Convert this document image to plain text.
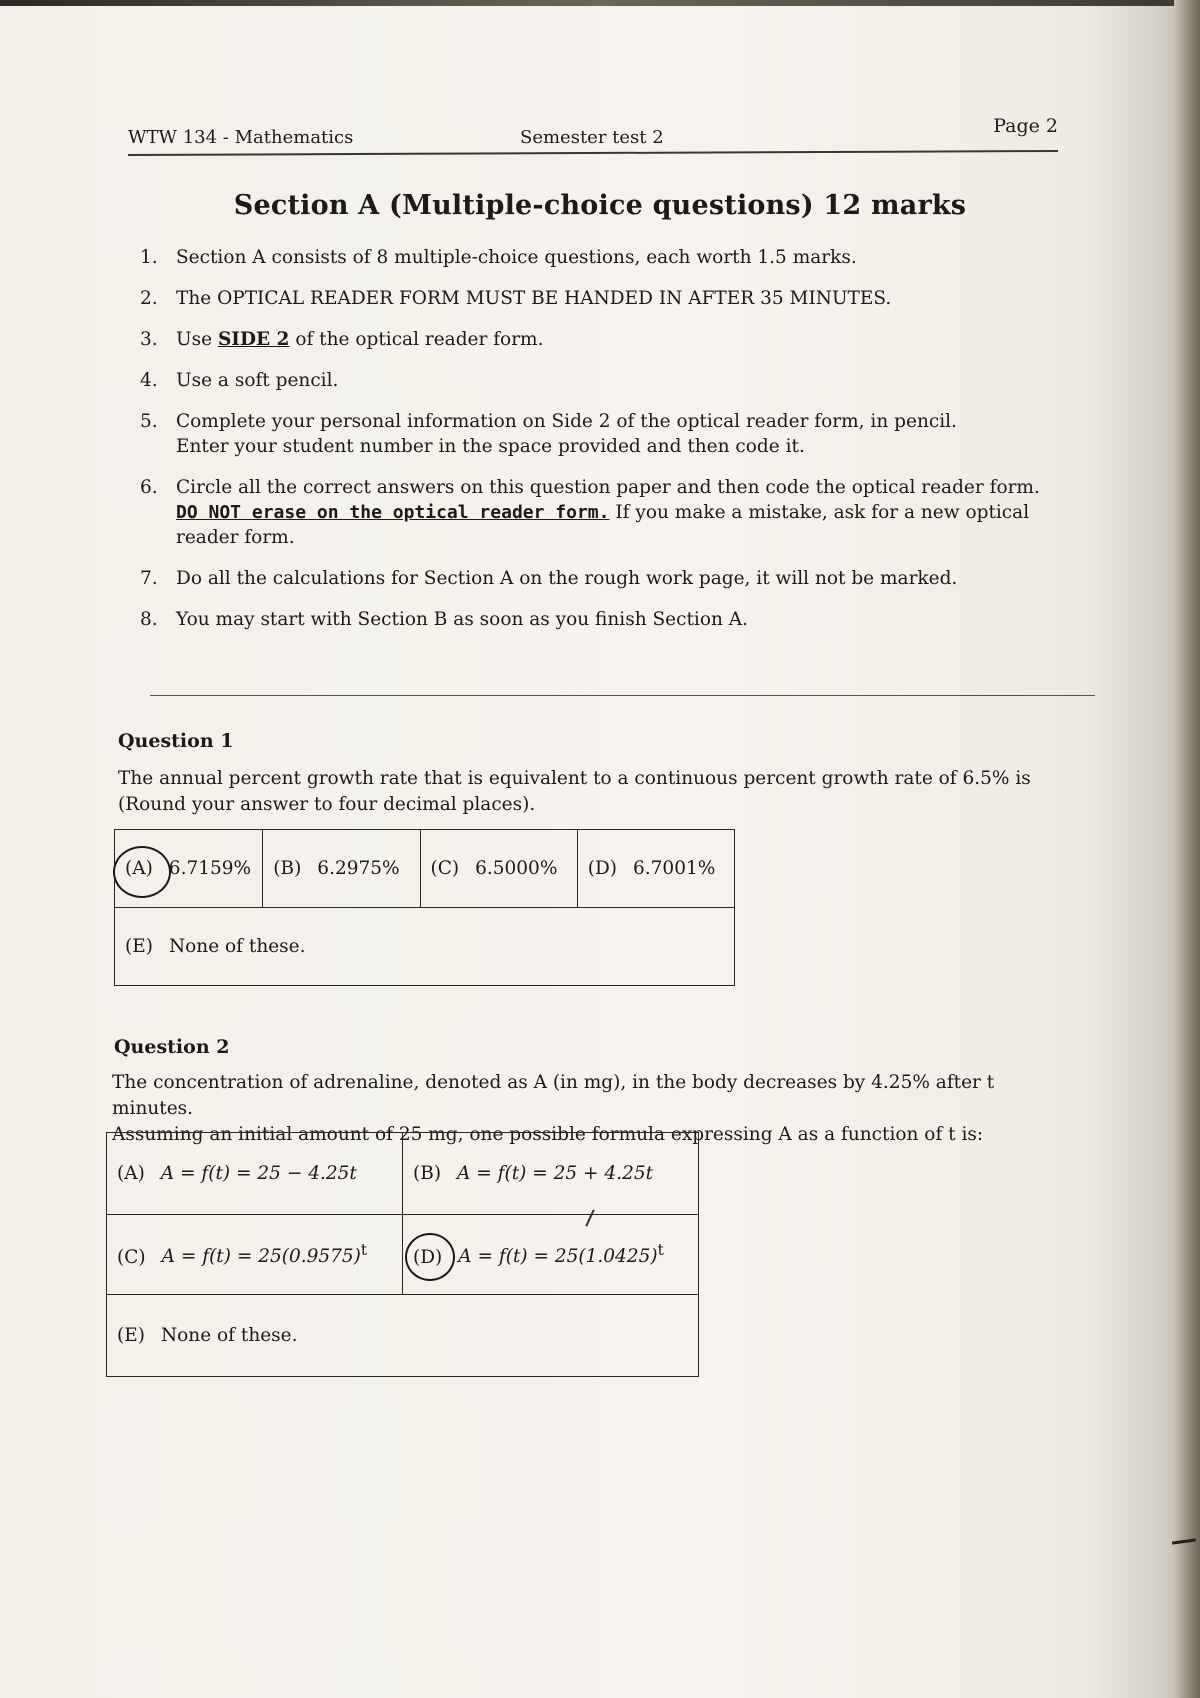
WTW 134 - Mathematics	Semester test 2
Page 2
Section A (Multiple-choice questions) 12 marks
1. Section A consists of 8 multiple-choice questions, each worth 1.5 marks.
2. The OPTICAL READER FORM MUST BE HANDED IN AFTER 35 MINUTES.
3. Use SIDE 2 of the optical reader form.
4. Use a soft pencil.
5. Complete your personal information on Side 2 of the optical reader form, in pencil.
Enter your student number in the space provided and then code it.
6. Circle all the correct answers on this question paper and then code the optical reader form. DO NOT erase on the optical reader form. If you make a mistake, ask for a new optical reader form.
7. Do all the calculations for Section A on the rough work page, it will not be marked.
8. You may start with Section B as soon as you finish Section A.
Question 1
The annual percent growth rate that is equivalent to a continuous percent growth rate of 6.5% is (Round your answer to four decimal places).
(A) 6.7159%	(B) 6.2975%	(C) 6.5000%	(D) 6.7001%
(E) None of these.
Question 2
The concentration of adrenaline, denoted as A (in mg), in the body decreases by 4.25% after t minutes.
Assuming an initial amount of 25 mg, one possible formula expressing A as a function of t is:
(A) A = f(t) = 25 − 4.25t	(B) A = f(t) = 25 + 4.25t
(C) $A = f(t) = 25(0.9575)^t$	(D) $A = f(t) = 25(1.0425)^t$
(E) None of these.	
